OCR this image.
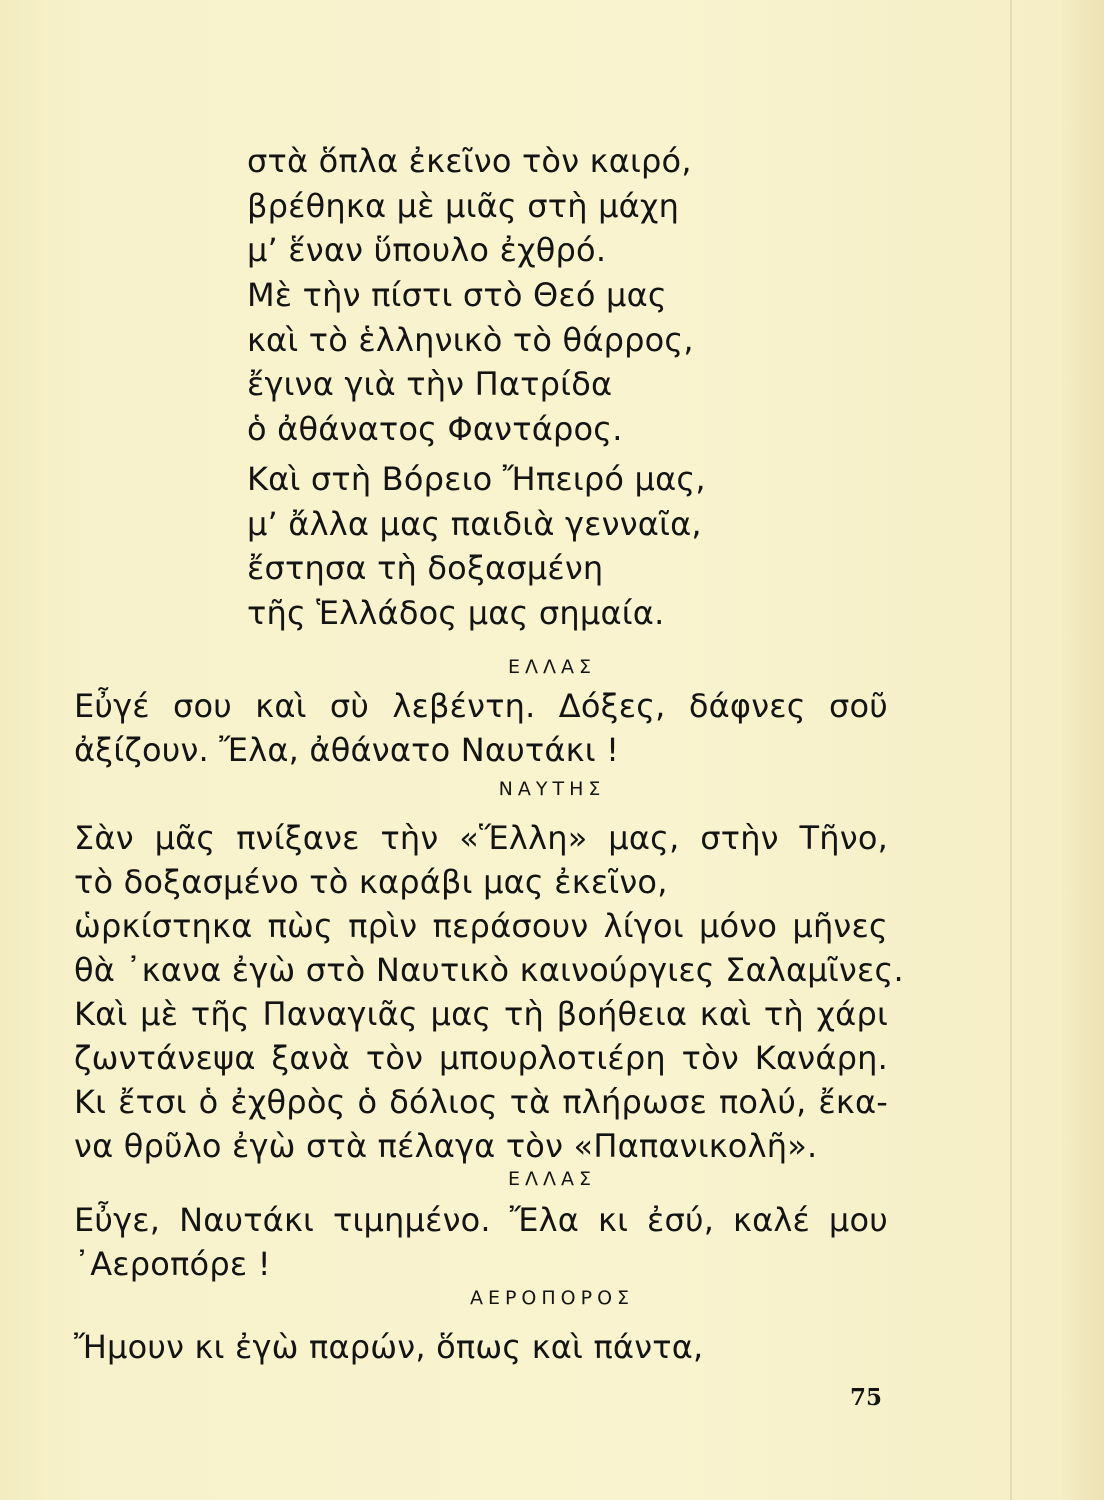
στὰ ὅπλα ἐκεῖνο τὸν καιρό,
βρέθηκα μὲ μιᾶς στὴ μάχη
μ’ ἕναν ὕπουλο ἐχθρό.
Μὲ τὴν πίστι στὸ Θεό μας
καὶ τὸ ἑλληνικὸ τὸ θάρρος,
ἔγινα γιὰ τὴν Πατρίδα
ὁ ἀθάνατος Φαντάρος.
Καὶ στὴ Βόρειο Ἤπειρό μας,
μ’ ἄλλα μας παιδιὰ γενναῖα,
ἔστησα τὴ δοξασμένη
τῆς Ἑλλάδος μας σημαία.
ΕΛΛΑΣ
Εὖγέ σου καὶ σὺ λεβέντη. Δόξες, δάφνες σοῦ
ἀξίζουν. Ἔλα, ἀθάνατο Ναυτάκι !
ΝΑΥΤΗΣ
Σὰν μᾶς πνίξανε τὴν «Ἕλλη» μας, στὴν Τῆνο,
τὸ δοξασμένο τὸ καράβι μας ἐκεῖνο,
ὡρκίστηκα πὼς πρὶν περάσουν λίγοι μόνο μῆνες
θὰ ᾿κανα ἐγὼ στὸ Ναυτικὸ καινούργιες Σαλαμῖνες.
Καὶ μὲ τῆς Παναγιᾶς μας τὴ βοήθεια καὶ τὴ χάρι
ζωντάνεψα ξανὰ τὸν μπουρλοτιέρη τὸν Κανάρη.
Κι ἔτσι ὁ ἐχθρὸς ὁ δόλιος τὰ πλήρωσε πολύ, ἔκα-
να θρῦλο ἐγὼ στὰ πέλαγα τὸν «Παπανικολῆ».
ΕΛΛΑΣ
Εὖγε, Ναυτάκι τιμημένο. Ἔλα κι ἐσύ, καλέ μου
᾿Αεροπόρε !
ΑΕΡΟΠΟΡΟΣ
Ἤμουν κι ἐγὼ παρών, ὅπως καὶ πάντα,
75
